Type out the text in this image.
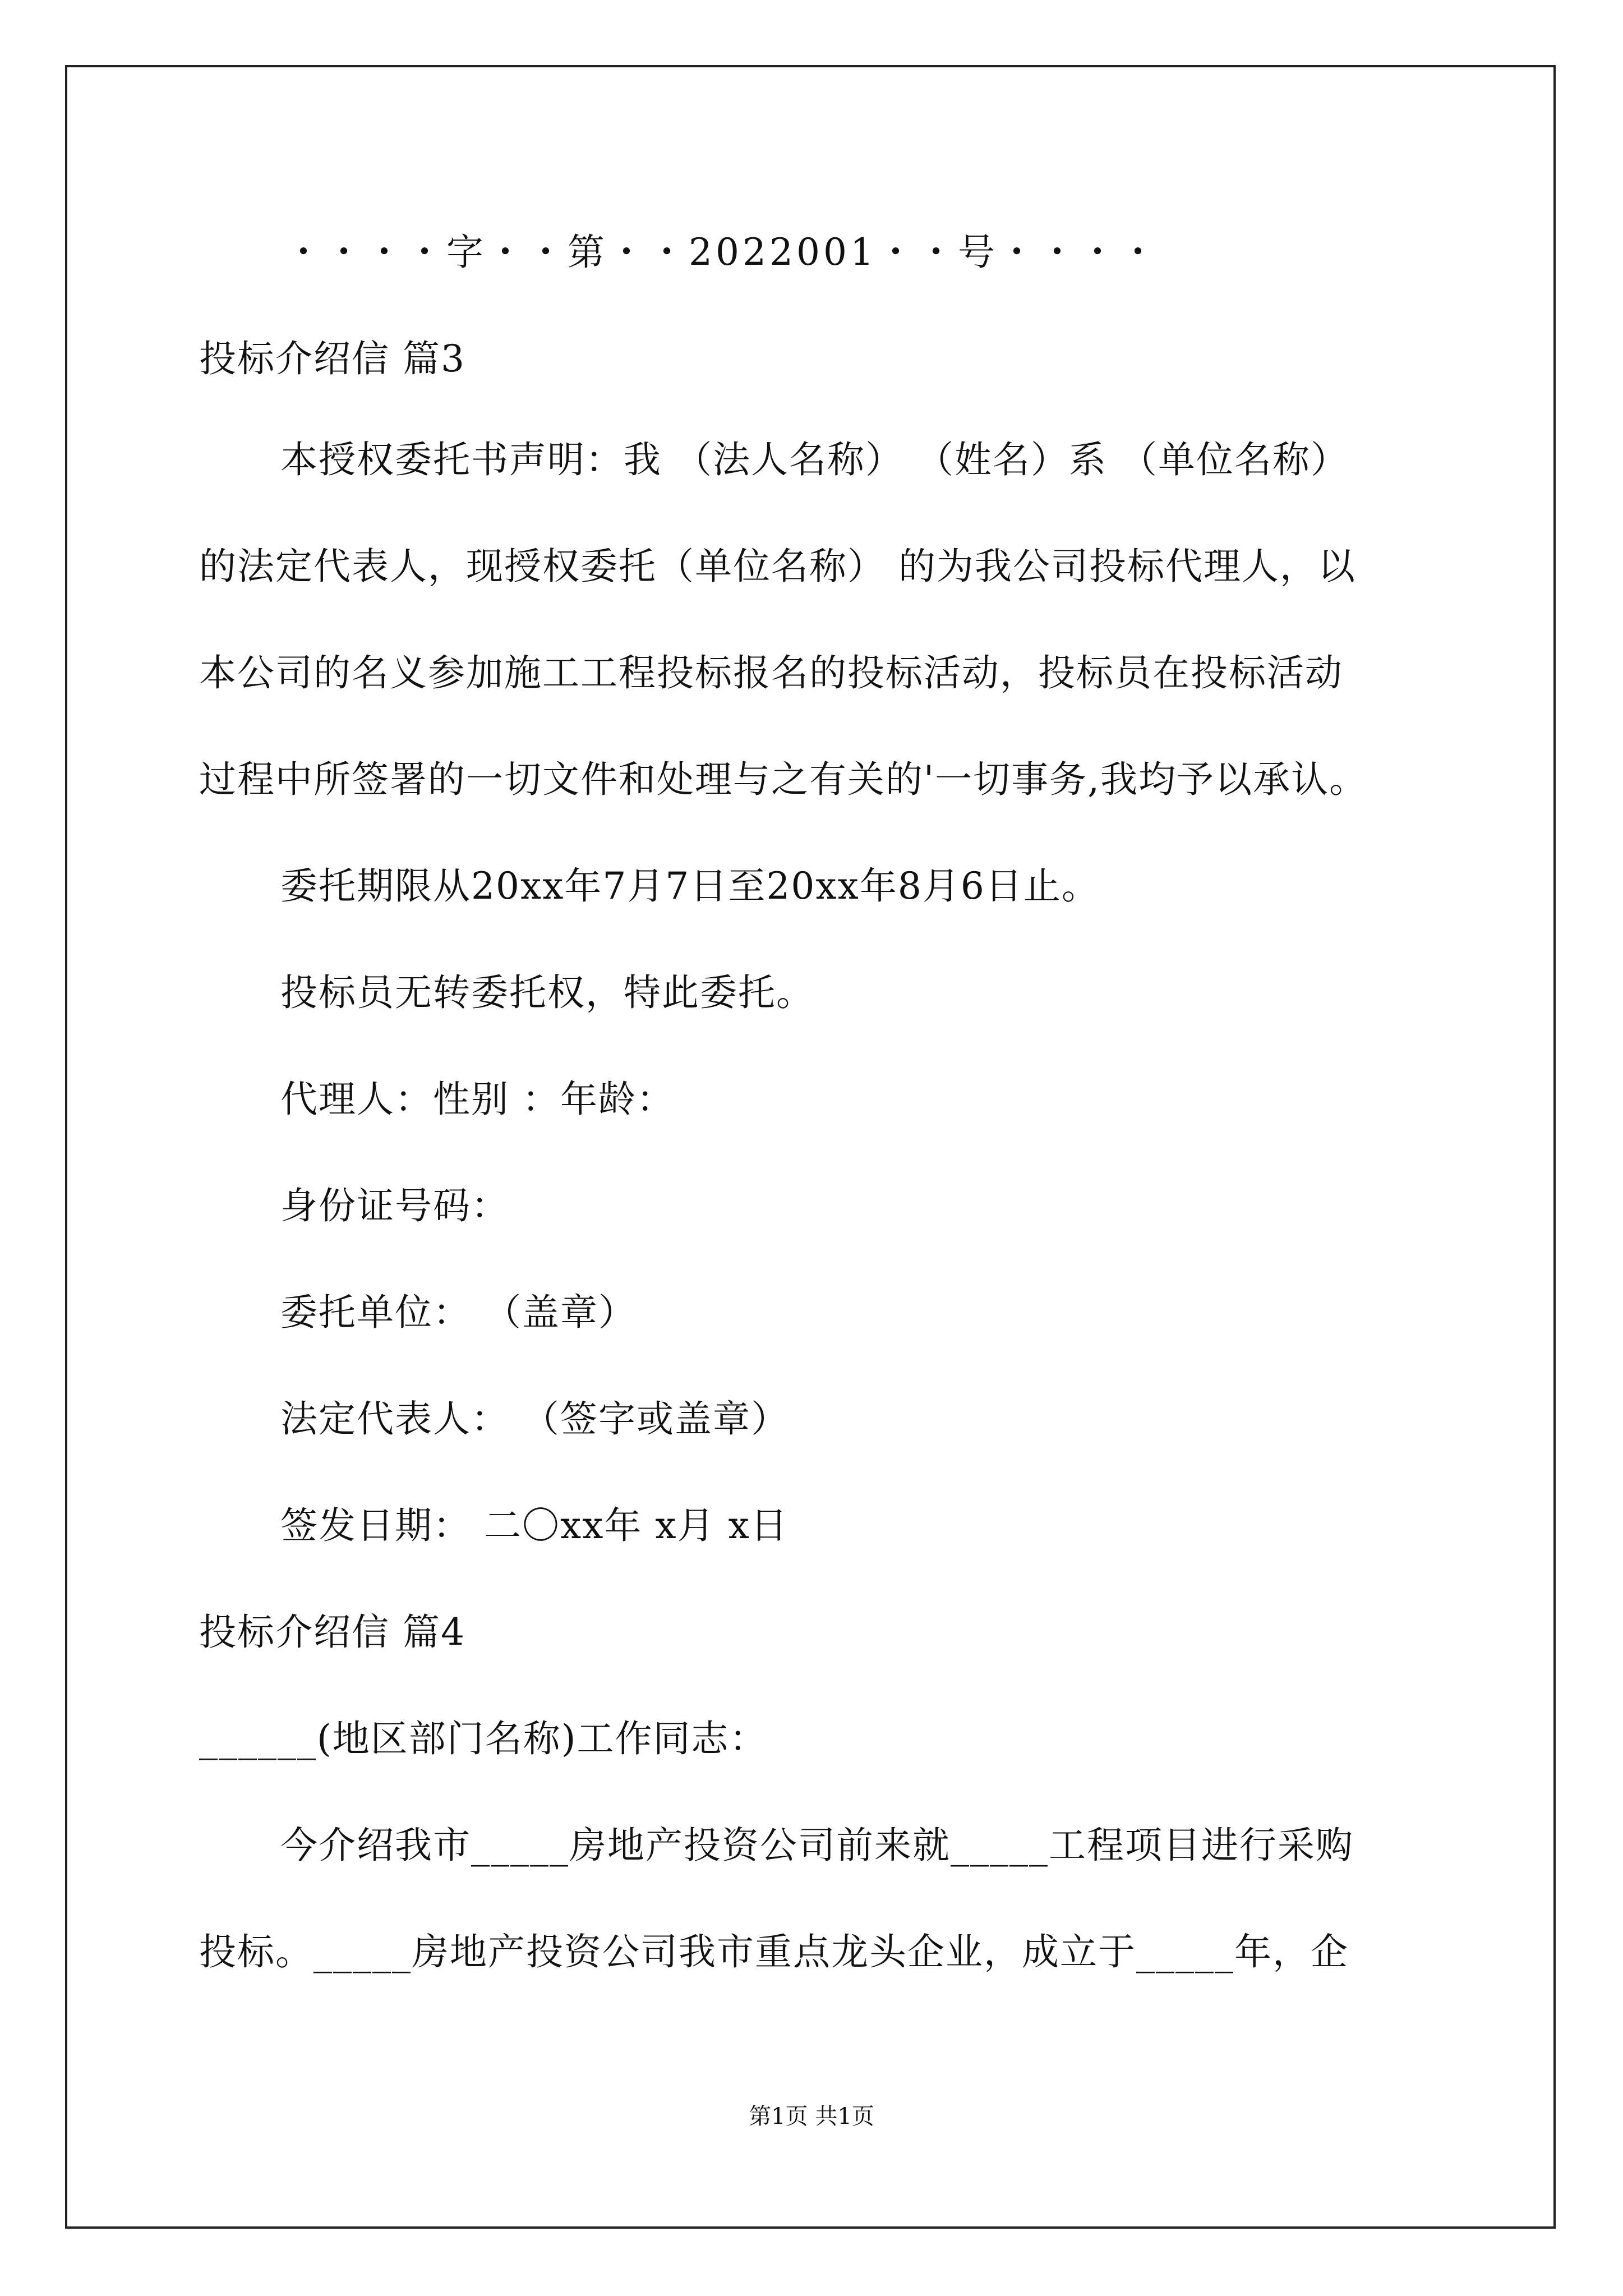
・・・・字・・第・・2022001・・号・・・・
投标介绍信 篇3
本授权委托书声明：我 （法人名称） （姓名）系 （单位名称）
的法定代表人，现授权委托（单位名称） 的为我公司投标代理人，以
本公司的名义参加施工工程投标报名的投标活动，投标员在投标活动
过程中所签署的一切文件和处理与之有关的'一切事务,我均予以承认。
委托期限从20xx年7月7日至20xx年8月6日止。
投标员无转委托权，特此委托。
代理人：性别 ：年龄：
身份证号码：
委托单位： （盖章）
法定代表人： （签字或盖章）
签发日期： 二〇xx年 x月 x日
投标介绍信 篇4
______(地区部门名称)工作同志：
今介绍我市_____房地产投资公司前来就_____工程项目进行采购
投标。_____房地产投资公司我市重点龙头企业，成立于_____年，企
第1页 共1页
